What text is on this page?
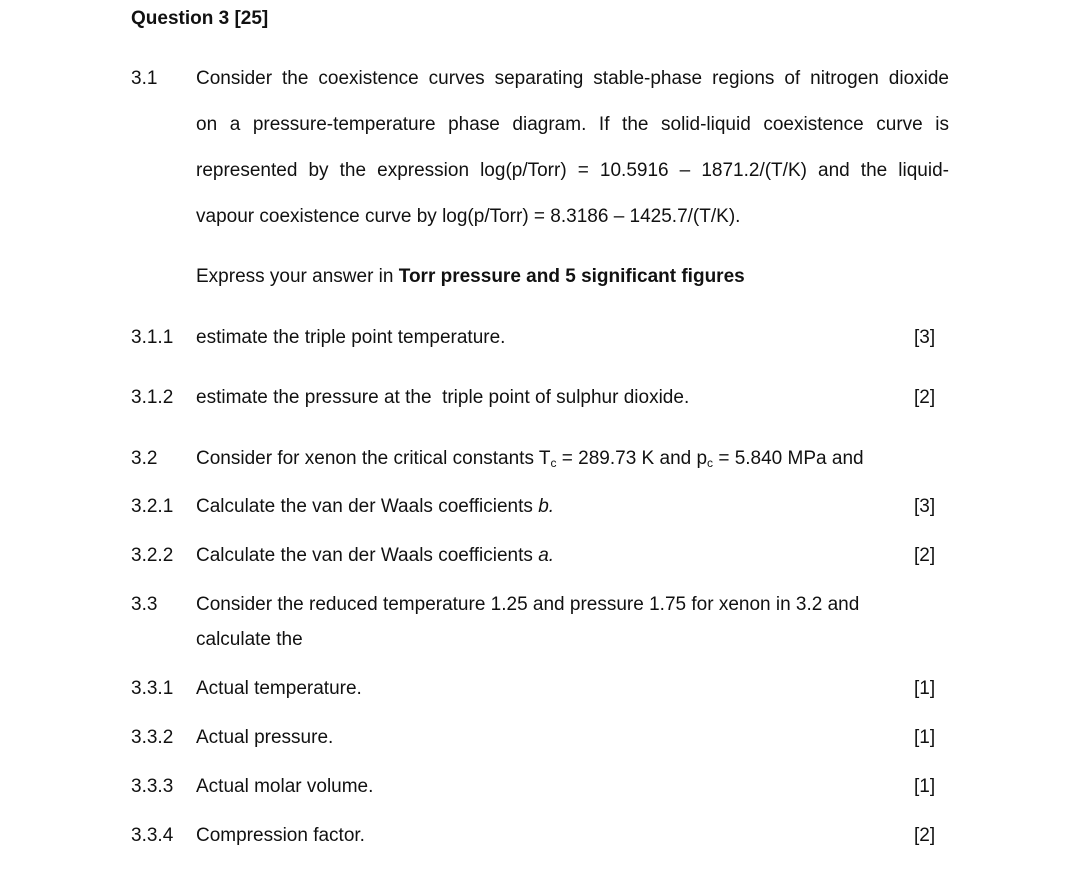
Question 3 [25]
3.1 Consider the coexistence curves separating stable-phase regions of nitrogen dioxide
on a pressure-temperature phase diagram. If the solid-liquid coexistence curve is
represented by the expression log(p/Torr) = 10.5916 – 1871.2/(T/K) and the liquid-
vapour coexistence curve by log(p/Torr) = 8.3186 – 1425.7/(T/K).
Express your answer in Torr pressure and 5 significant figures
3.1.1 estimate the triple point temperature.	[3]
3.1.2 estimate the pressure at the  triple point of sulphur dioxide.	[2]
3.2 Consider for xenon the critical constants $T_c = 289.73$ K and $p_c = 5.840$ MPa and
3.2.1 Calculate the van der Waals coefficients b.	[3]
3.2.2 Calculate the van der Waals coefficients a.	[2]
3.3 Consider the reduced temperature 1.25 and pressure 1.75 for xenon in 3.2 and
calculate the
3.3.1 Actual temperature.	[1]
3.3.2 Actual pressure.	[1]
3.3.3 Actual molar volume.	[1]
3.3.4 Compression factor.	[2]
